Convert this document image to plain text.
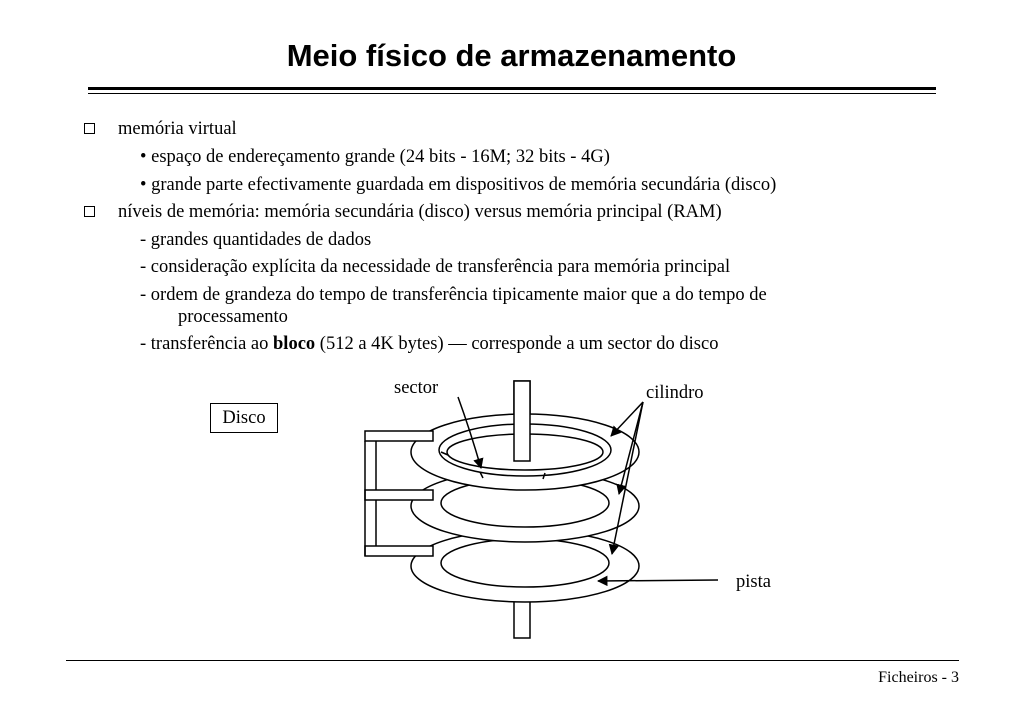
Meio físico de armazenamento
memória virtual
• espaço de endereçamento grande (24 bits - 16M; 32 bits - 4G)
• grande parte efectivamente guardada em dispositivos de memória secundária (disco)
níveis de memória: memória secundária (disco) versus memória principal (RAM)
- grandes quantidades de dados
- consideração explícita da necessidade de transferência para memória principal
- ordem de grandeza do tempo de transferência tipicamente maior que a do tempo de
processamento
- transferência ao bloco (512 a 4K bytes) — corresponde a um sector do disco
Disco
sector	cilindro
pista
Ficheiros - 3
